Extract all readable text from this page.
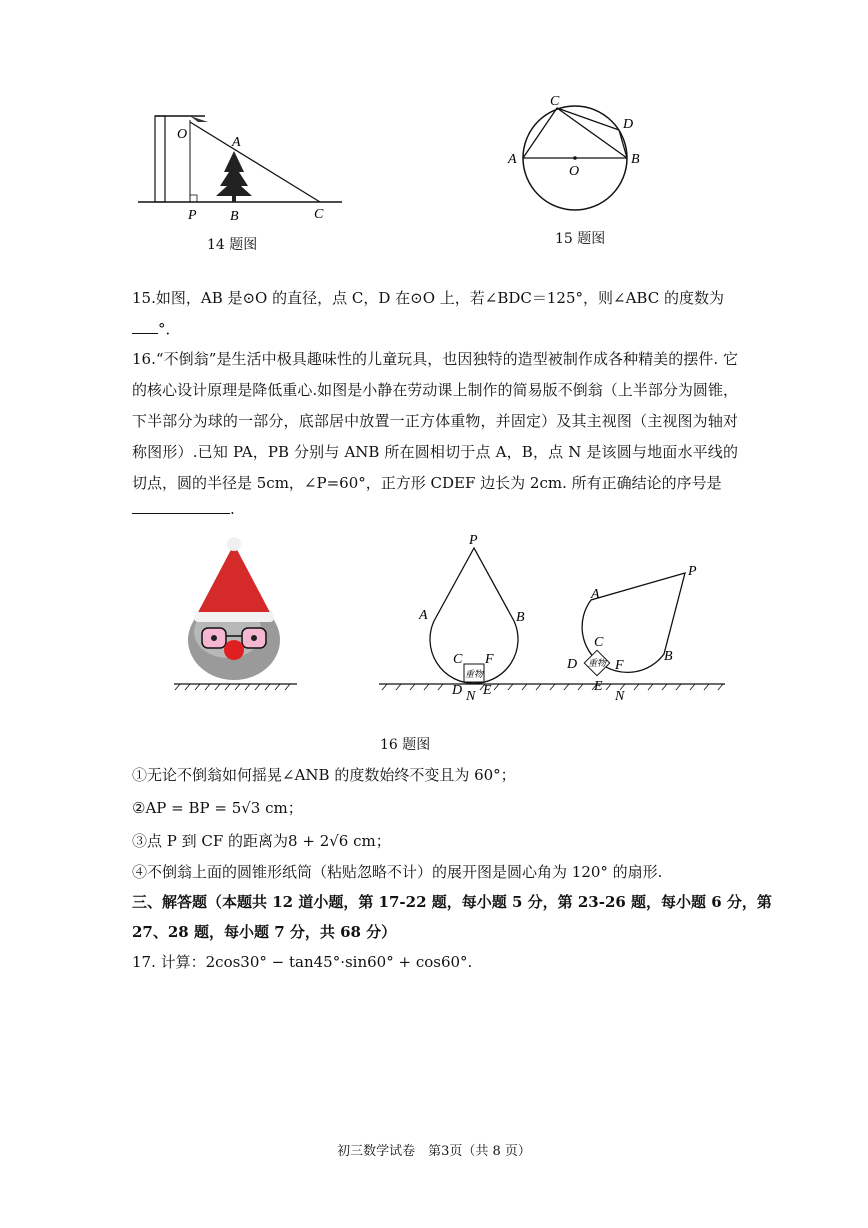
O
A
P B	C
14 题图
C
D
A
O
B
15 题图
15.如图，AB 是⊙O 的直径，点 C，D 在⊙O 上，若∠BDC＝125°，则∠ABC 的度数为
°．
16.“不倒翁”是生活中极具趣味性的儿童玩具，也因独特的造型被制作成各种精美的摆件. 它的核心设计原理是降低重心.如图是小静在劳动课上制作的简易版不倒翁（上半部分为圆锥，下半部分为球的一部分，底部居中放置一正方体重物，并固定）及其主视图（主视图为轴对称图形）.已知 PA，PB 分别与 ANB 所在圆相切于点 A，B，点 N 是该圆与地面水平线的切点，圆的半径是 5cm，∠P=60°，正方形 CDEF 边长为 2cm. 所有正确结论的序号是
.
重物
P
A	B
C F
D N E
重物
P
A
B
C
F
D
E
N
16 题图
①无论不倒翁如何摇晃∠ANB 的度数始终不变且为 60°；
②AP = BP = 5√3 cm；
③点 P 到 CF 的距离为8 + 2√6 cm；
④不倒翁上面的圆锥形纸筒（粘贴忽略不计）的展开图是圆心角为 120° 的扇形.
三、解答题（本题共 12 道小题，第 17-22 题，每小题 5 分，第 23-26 题，每小题 6 分，第
27、28 题，每小题 7 分，共 68 分）
17. 计算：2cos30° − tan45°·sin60° + cos60°.
初三数学试卷　第3页（共 8 页）
